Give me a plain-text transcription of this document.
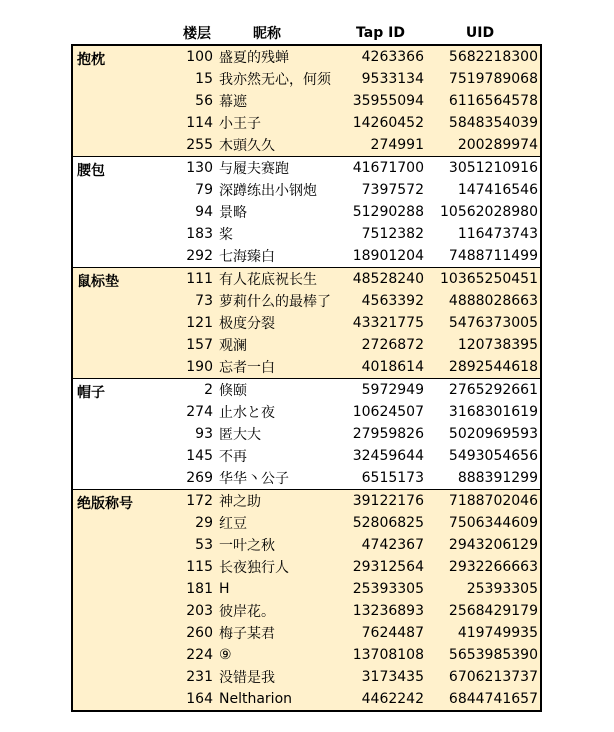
楼层	昵称	Tap ID	UID
抱枕	100 盛夏的残蝉	4263366	5682218300
15 我亦然无心，何须	9533134	7519789068
56 幕遮	35955094	6116564578
114 小王子	14260452	5848354039
255 木頭久久	274991	200289974
腰包	130 与履夫赛跑	41671700	3051210916
79 深蹲练出小钢炮	7397572	147416546
94 景略	51290288	10562028980
183 桨	7512382	116473743
292 七海臻白	18901204	7488711499
鼠标垫	111 有人花底祝长生	48528240	10365250451
73 萝莉什么的最棒了	4563392	4888028663
121 极度分裂	43321775	5476373005
157 观澜	2726872	120738395
190 忘者一白	4018614	2892544618
帽子	2 倏颐	5972949	2765292661
274 止水と夜	10624507	3168301619
93 匿大大	27959826	5020969593
145 不再	32459644	5493054656
269 华华丶公子	6515173	888391299
绝版称号	172 神之助	39122176	7188702046
29 红豆	52806825	7506344609
53 一叶之秋	4742367	2943206129
115 长夜独行人	29312564	2932266663
181 H	25393305	25393305
203 彼岸花。	13236893	2568429179
260 梅子某君	7624487	419749935
224 ⑨	13708108	5653985390
231 没错是我	3173435	6706213737
164 Neltharion	4462242	6844741657
